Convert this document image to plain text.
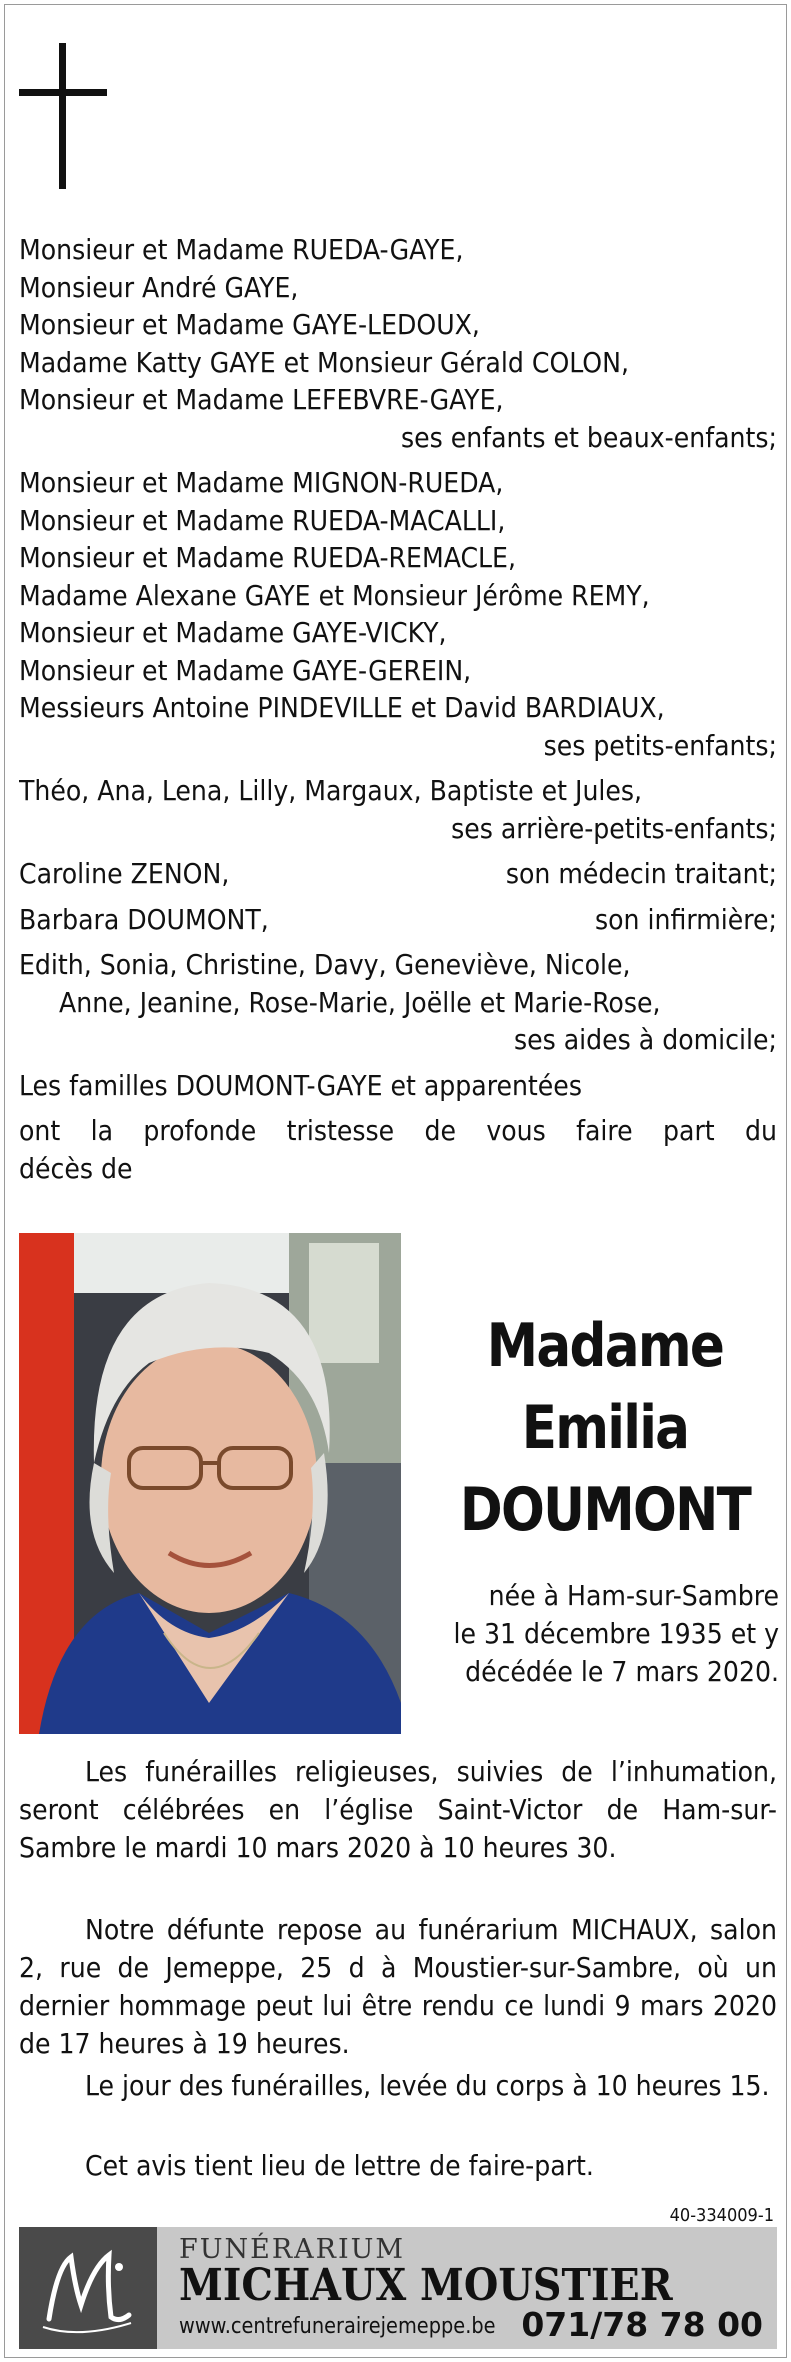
Monsieur et Madame RUEDA-GAYE,
Monsieur André GAYE,
Monsieur et Madame GAYE-LEDOUX,
Madame Katty GAYE et Monsieur Gérald COLON,
Monsieur et Madame LEFEBVRE-GAYE,
ses enfants et beaux-enfants;
Monsieur et Madame MIGNON-RUEDA,
Monsieur et Madame RUEDA-MACALLI,
Monsieur et Madame RUEDA-REMACLE,
Madame Alexane GAYE et Monsieur Jérôme REMY,
Monsieur et Madame GAYE-VICKY,
Monsieur et Madame GAYE-GEREIN,
Messieurs Antoine PINDEVILLE et David BARDIAUX,
ses petits-enfants;
Théo, Ana, Lena, Lilly, Margaux, Baptiste et Jules,
ses arrière-petits-enfants;
Caroline ZENON,	son médecin traitant;
Barbara DOUMONT,	son infirmière;
Edith, Sonia, Christine, Davy, Geneviève, Nicole,
Anne, Jeanine, Rose-Marie, Joëlle et Marie-Rose,
ses aides à domicile;
Les familles DOUMONT-GAYE et apparentées
ont la profonde tristesse de vous faire part du
décès de
Madame
Emilia
DOUMONT
née à Ham-sur-Sambre
le 31 décembre 1935 et y
décédée le 7 mars 2020.
Les funérailles religieuses, suivies de l’inhumation, seront célébrées en l’église Saint-Victor de Ham-sur-Sambre le mardi 10 mars 2020 à 10 heures 30.
Notre défunte repose au funérarium MICHAUX, salon 2, rue de Jemeppe, 25 d à Moustier-sur-Sambre, où un dernier hommage peut lui être rendu ce lundi 9 mars 2020 de 17 heures à 19 heures.
Le jour des funérailles, levée du corps à 10 heures 15.
Cet avis tient lieu de lettre de faire-part.
40-334009-1
FUNÉRARIUM
MICHAUX MOUSTIER
www.centrefunerairejemeppe.be 071/78 78 00
